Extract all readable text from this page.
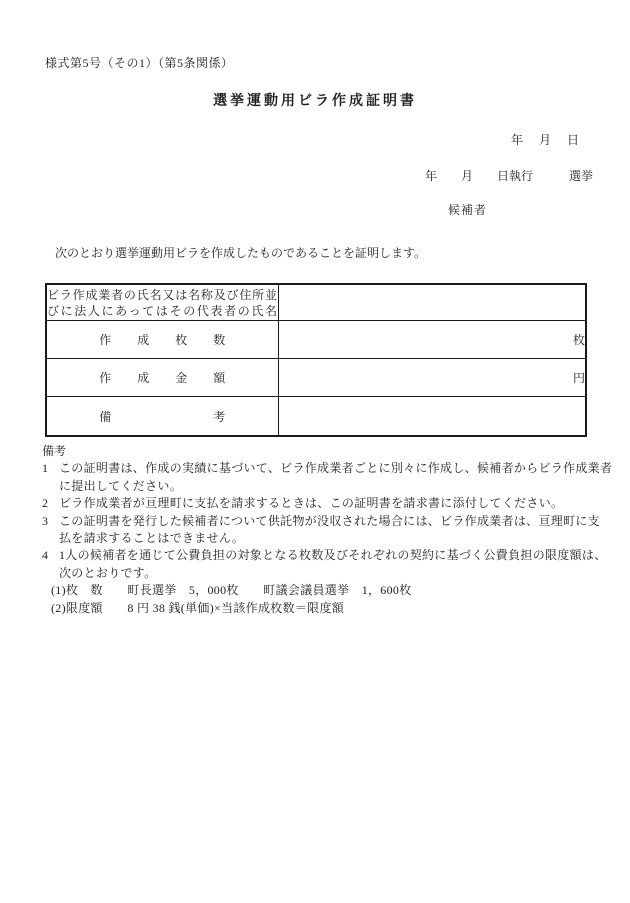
様式第5号（その1）（第5条関係）
選挙運動用ビラ作成証明書
年　月　日
年　　月　　日執行　　　選挙
候補者
次のとおり選挙運動用ビラを作成したものであることを証明します。
ビラ作成業者の氏名又は名称及び住所並
びに法人にあってはその代表者の氏名	

作成枚数	枚
作成金額	円
備考	
備考
1 この証明書は、作成の実績に基づいて、ビラ作成業者ごとに別々に作成し、候補者からビラ作成業者
に提出してください。
2 ビラ作成業者が亘理町に支払を請求するときは、この証明書を請求書に添付してください。
3 この証明書を発行した候補者について供託物が没収された場合には、ビラ作成業者は、亘理町に支
払を請求することはできません。
4 1人の候補者を通じて公費負担の対象となる枚数及びそれぞれの契約に基づく公費負担の限度額は、
次のとおりです。
(1)枚　数　　町長選挙　5，000枚　　町議会議員選挙　1，600枚
(2)限度額　　8 円 38 銭(単価)×当該作成枚数＝限度額
